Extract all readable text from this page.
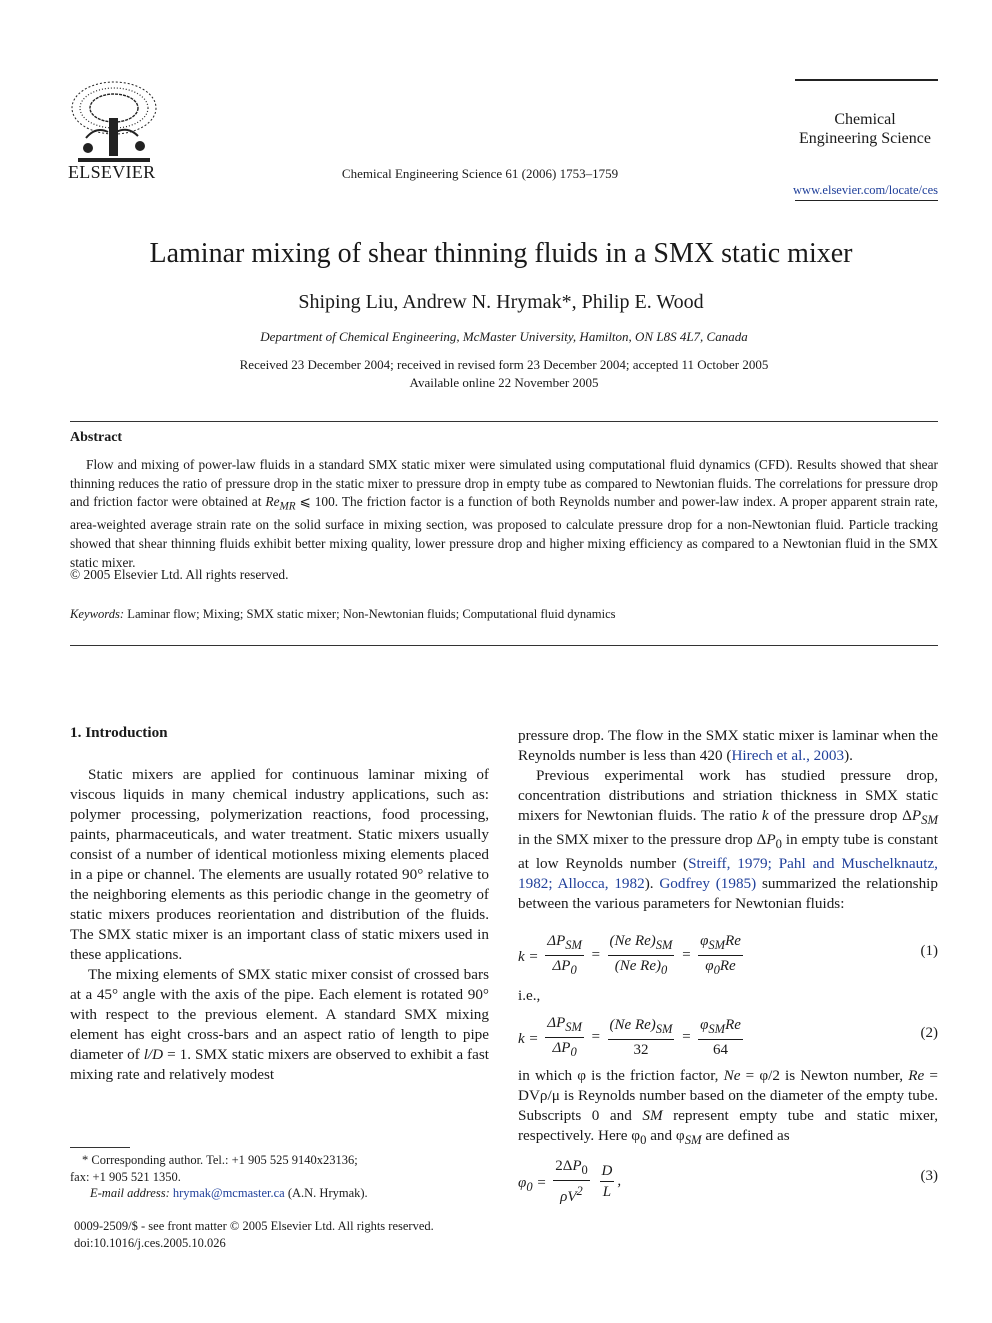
ELSEVIER	Chemical Engineering Science 61 (2006) 1753–1759
Chemical
Engineering Science
www.elsevier.com/locate/ces
Laminar mixing of shear thinning fluids in a SMX static mixer
Shiping Liu, Andrew N. Hrymak*, Philip E. Wood
Department of Chemical Engineering, McMaster University, Hamilton, ON L8S 4L7, Canada
Received 23 December 2004; received in revised form 23 December 2004; accepted 11 October 2005
Available online 22 November 2005
Abstract

Flow and mixing of power-law fluids in a standard SMX static mixer were simulated using computational fluid dynamics (CFD). Results showed that shear thinning reduces the ratio of pressure drop in the static mixer to pressure drop in empty tube as compared to Newtonian fluids. The correlations for pressure drop and friction factor were obtained at $Re_{MR}$ ⩽ 100. The friction factor is a function of both Reynolds number and power-law index. A proper apparent strain rate, area-weighted average strain rate on the solid surface in mixing section, was proposed to calculate pressure drop for a non-Newtonian fluid. Particle tracking showed that shear thinning fluids exhibit better mixing quality, lower pressure drop and higher mixing efficiency as compared to a Newtonian fluid in the SMX static mixer.

© 2005 Elsevier Ltd. All rights reserved.
Keywords: Laminar flow; Mixing; SMX static mixer; Non-Newtonian fluids; Computational fluid dynamics
1. Introduction

Static mixers are applied for continuous laminar mixing of viscous liquids in many chemical industry applications, such as: polymer processing, polymerization reactions, food processing, paints, pharmaceuticals, and water treatment. Static mixers usually consist of a number of identical motionless mixing elements placed in a pipe or channel. The elements are usually rotated 90° relative to the neighboring elements as this periodic change in the geometry of static mixers produces reorientation and distribution of the fluids. The SMX static mixer is an important class of static mixers used in these applications.

The mixing elements of SMX static mixer consist of crossed bars at a 45° angle with the axis of the pipe. Each element is rotated 90° with respect to the previous element. A standard SMX mixing element has eight cross-bars and an aspect ratio of length to pipe diameter of l/D = 1. SMX static mixers are observed to exhibit a fast mixing rate and relatively modest

pressure drop. The flow in the SMX static mixer is laminar when the Reynolds number is less than 420 (Hirech et al., 2003).

Previous experimental work has studied pressure drop, concentration distributions and striation thickness in SMX static mixers for Newtonian fluids. The ratio k of the pressure drop $\Delta P_{SM}$ in the SMX mixer to the pressure drop $\Delta P_0$ in empty tube is constant at low Reynolds number (Streiff, 1979; Pahl and Muschelknautz, 1982; Allocca, 1982). Godfrey (1985) summarized the relationship between the various parameters for Newtonian fluids:

$k = \frac{\Delta P_{SM}}{\Delta P_0} = \frac{(Ne Re)_{SM}}{(Ne Re)_0} = \frac{\varphi_{SM}Re}{\varphi_0Re}$	(1)
i.e.,
$k = \frac{\Delta P_{SM}}{\Delta P_0} = \frac{(Ne Re)_{SM}}{32} = \frac{\varphi_{SM}Re}{64}$	(2)

in which φ is the friction factor, Ne = φ/2 is Newton number, Re = DVρ/μ is Reynolds number based on the diameter of the empty tube. Subscripts 0 and SM represent empty tube and static mixer, respectively. Here $\varphi_0$ and $\varphi_{SM}$ are defined as

$\varphi_0 = \frac{2\Delta P_0}{\rho V^2}$
$\frac{D}{L}$ ,	(3)
* Corresponding author. Tel.: +1 905 525 9140x23136;
fax: +1 905 521 1350.
E-mail address: hrymak@mcmaster.ca (A.N. Hrymak).
0009-2509/$ - see front matter © 2005 Elsevier Ltd. All rights reserved.
doi:10.1016/j.ces.2005.10.026
